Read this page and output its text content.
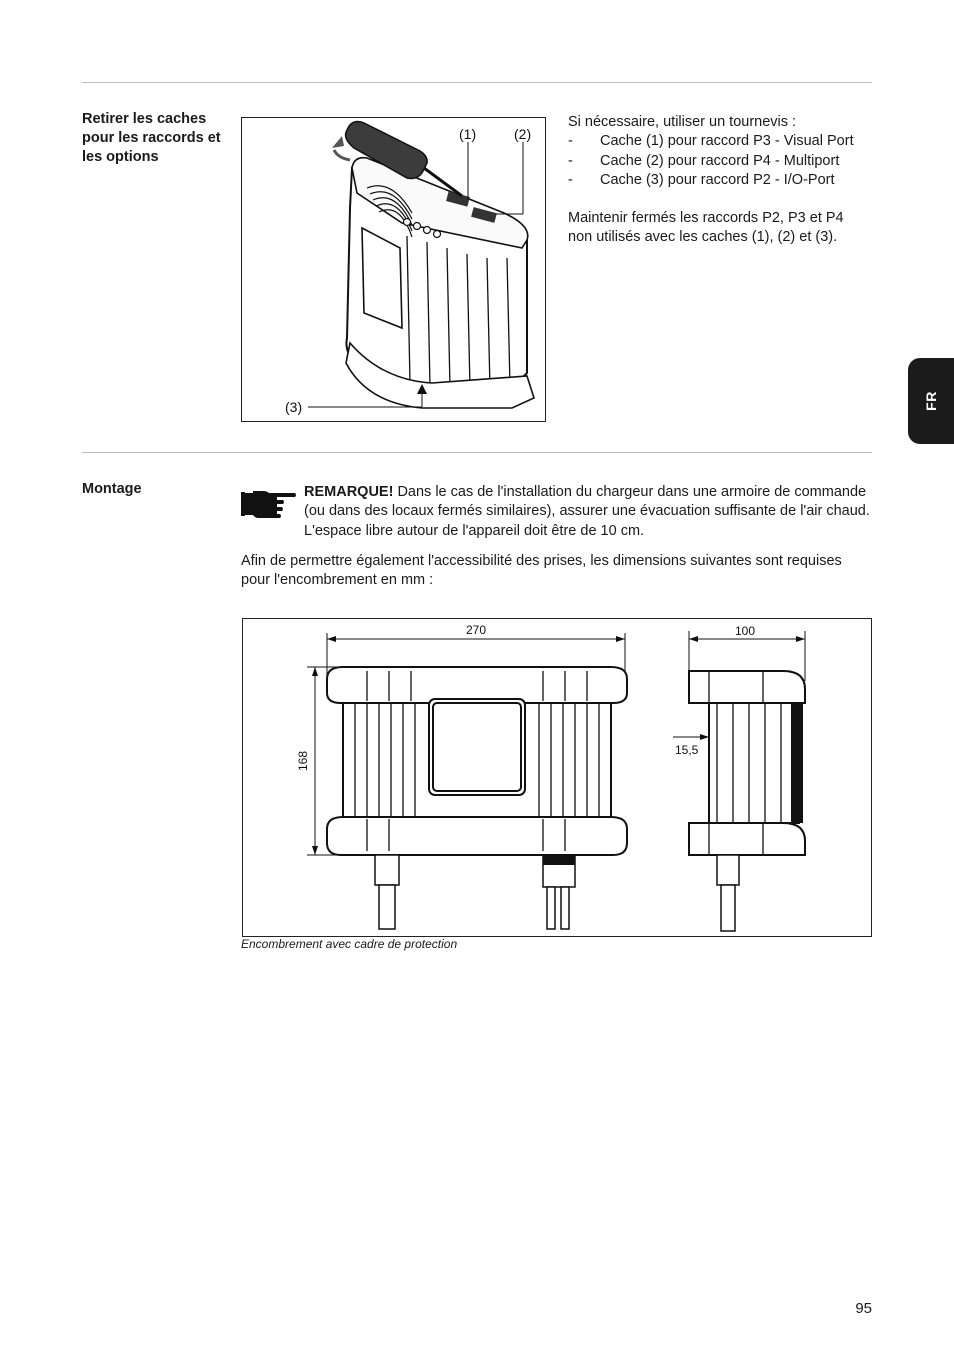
FR
Retirer les caches pour les raccords et les options
(1)	(2)
(3)
Si nécessaire, utiliser un tournevis :
- Cache (1) pour raccord P3 - Visual Port
- Cache (2) pour raccord P4 - Multiport
- Cache (3) pour raccord P2 - I/O-Port
Maintenir fermés les raccords P2, P3 et P4 non utilisés avec les caches (1), (2) et (3).
Montage	REMARQUE! Dans le cas de l'installation du chargeur dans une armoire de commande (ou dans des locaux fermés similaires), assurer une évacuation suffisante de l'air chaud. L'espace libre autour de l'appareil doit être de 10 cm.
Afin de permettre également l'accessibilité des prises, les dimensions suivantes sont requises pour l'encombrement en mm :
270	100
168
15,5
Encombrement avec cadre de protection
95
